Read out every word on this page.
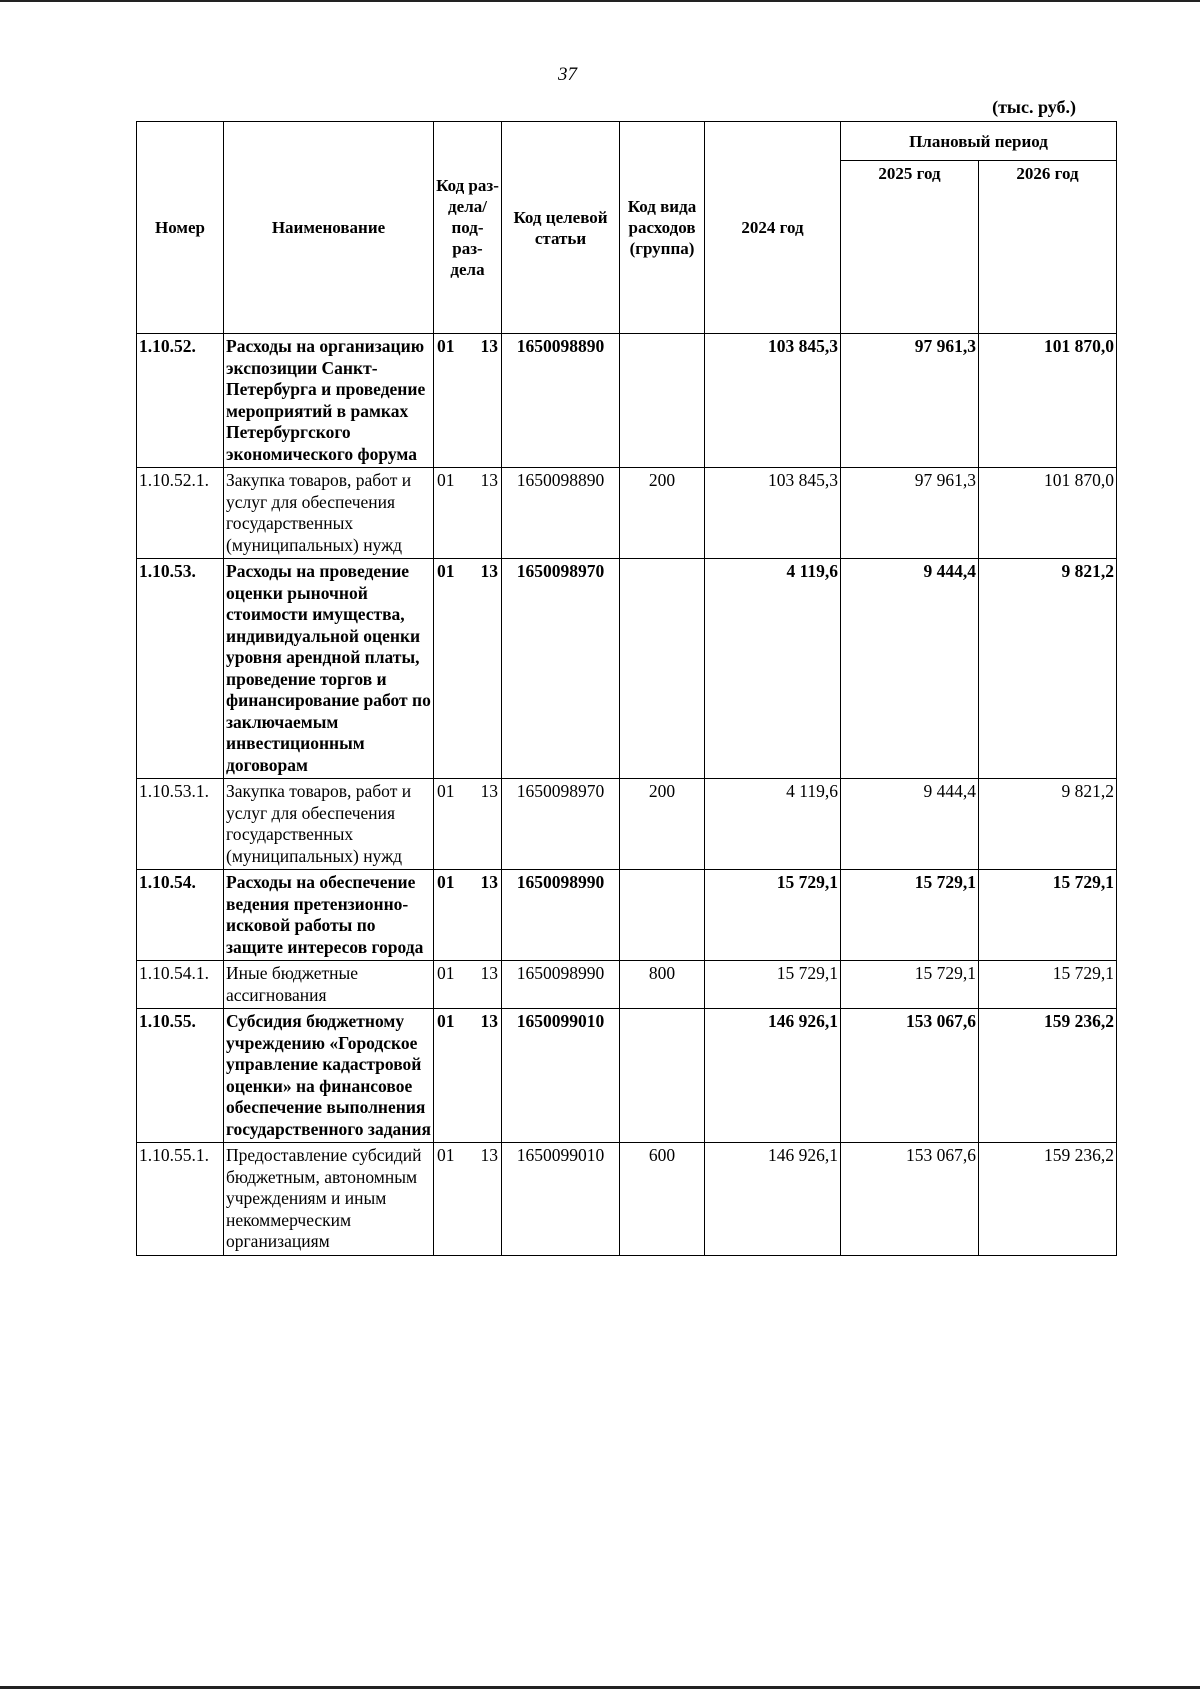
37
(тыс. руб.)
Номер	Наименование	Код раз-
дела/
под-
раз-
дела	Код целевой статьи	Код вида расходов (группа)	2024 год	Плановый период	
						2025 год	2026 год
1.10.52.	Расходы на организацию экспозиции Санкт-Петербурга и проведение мероприятий в рамках Петербургского экономического форума	01 13	1650098890		103 845,3	97 961,3	101 870,0
1.10.52.1.	Закупка товаров, работ и услуг для обеспечения государственных (муниципальных) нужд	01 13	1650098890	200	103 845,3	97 961,3	101 870,0
1.10.53.	Расходы на проведение оценки рыночной стоимости имущества, индивидуальной оценки уровня арендной платы, проведение торгов и финансирование работ по заключаемым инвестиционным договорам	01 13	1650098970		4 119,6	9 444,4	9 821,2
1.10.53.1.	Закупка товаров, работ и услуг для обеспечения государственных (муниципальных) нужд	01 13	1650098970	200	4 119,6	9 444,4	9 821,2
1.10.54.	Расходы на обеспечение ведения претензионно-исковой работы по защите интересов города	01 13	1650098990		15 729,1	15 729,1	15 729,1
1.10.54.1.	Иные бюджетные ассигнования	01 13	1650098990	800	15 729,1	15 729,1	15 729,1
1.10.55.	Субсидия бюджетному учреждению «Городское управление кадастровой оценки» на финансовое обеспечение выполнения государственного задания	01 13	1650099010		146 926,1	153 067,6	159 236,2
1.10.55.1.	Предоставление субсидий бюджетным, автономным учреждениям и иным некоммерческим организациям	01 13	1650099010	600	146 926,1	153 067,6	159 236,2
